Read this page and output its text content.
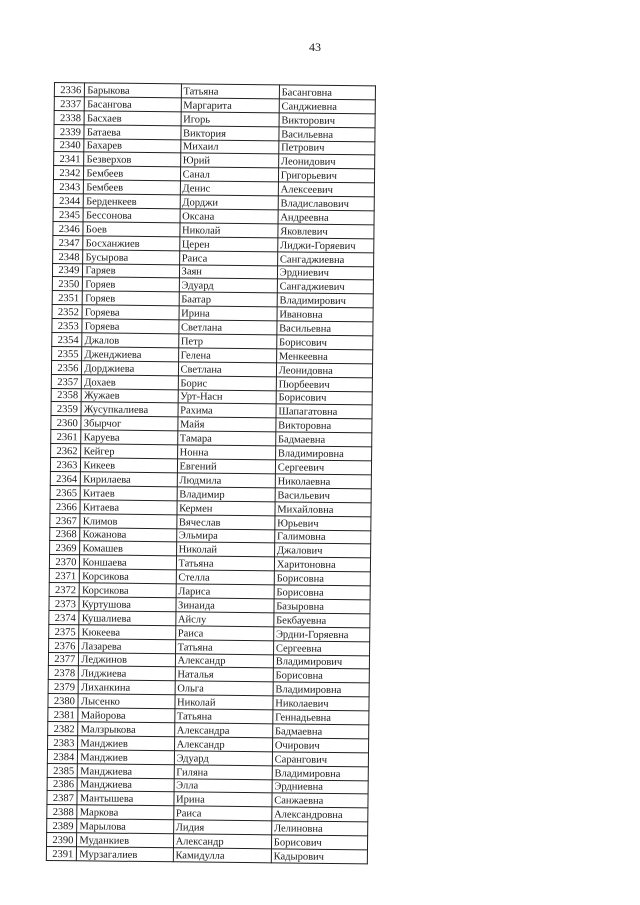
43
2336	Барыкова	Татьяна	Басанговна
2337	Басангова	Маргарита	Санджиевна
2338	Басхаев	Игорь	Викторович
2339	Батаева	Виктория	Васильевна
2340	Бахарев	Михаил	Петрович
2341	Безверхов	Юрий	Леонидович
2342	Бембеев	Санал	Григорьевич
2343	Бембеев	Денис	Алексеевич
2344	Берденкеев	Дорджи	Владиславович
2345	Бессонова	Оксана	Андреевна
2346	Боев	Николай	Яковлевич
2347	Босханжиев	Церен	Лиджи-Горяевич
2348	Бусырова	Раиса	Сангаджиевна
2349	Гаряев	Заян	Эрдниевич
2350	Горяев	Эдуард	Сангаджиевич
2351	Горяев	Баатар	Владимирович
2352	Горяева	Ирина	Ивановна
2353	Горяева	Светлана	Васильевна
2354	Джалов	Петр	Борисович
2355	Дженджиева	Гелена	Менкеевна
2356	Дорджиева	Светлана	Леонидовна
2357	Дохаев	Борис	Пюрбеевич
2358	Жужаев	Урт-Насн	Борисович
2359	Жусупкалиева	Рахима	Шапагатовна
2360	Збырчог	Майя	Викторовна
2361	Каруева	Тамара	Бадмаевна
2362	Кейгер	Нонна	Владимировна
2363	Кикеев	Евгений	Сергеевич
2364	Кирилаева	Людмила	Николаевна
2365	Китаев	Владимир	Васильевич
2366	Китаева	Кермен	Михайловна
2367	Климов	Вячеслав	Юрьевич
2368	Кожанова	Эльмира	Галимовна
2369	Комашев	Николай	Джалович
2370	Коншаева	Татьяна	Харитоновна
2371	Корсикова	Стелла	Борисовна
2372	Корсикова	Лариса	Борисовна
2373	Куртушова	Зинаида	Базыровна
2374	Кушалиева	Айслу	Бекбауевна
2375	Кюкеева	Раиса	Эрдни-Горяевна
2376	Лазарева	Татьяна	Сергеевна
2377	Леджинов	Александр	Владимирович
2378	Лиджиева	Наталья	Борисовна
2379	Лиханкина	Ольга	Владимировна
2380	Лысенко	Николай	Николаевич
2381	Майорова	Татьяна	Геннадьевна
2382	Малзрыкова	Александра	Бадмаевна
2383	Манджиев	Александр	Очирович
2384	Манджиев	Эдуард	Сарангович
2385	Манджиева	Гиляна	Владимировна
2386	Манджиева	Элла	Эрдниевна
2387	Мантышева	Ирина	Санжаевна
2388	Маркова	Раиса	Александровна
2389	Марылова	Лидия	Лелиновна
2390	Муданкиев	Александр	Борисович
2391	Мурзагалиев	Камидулла	Кадырович
